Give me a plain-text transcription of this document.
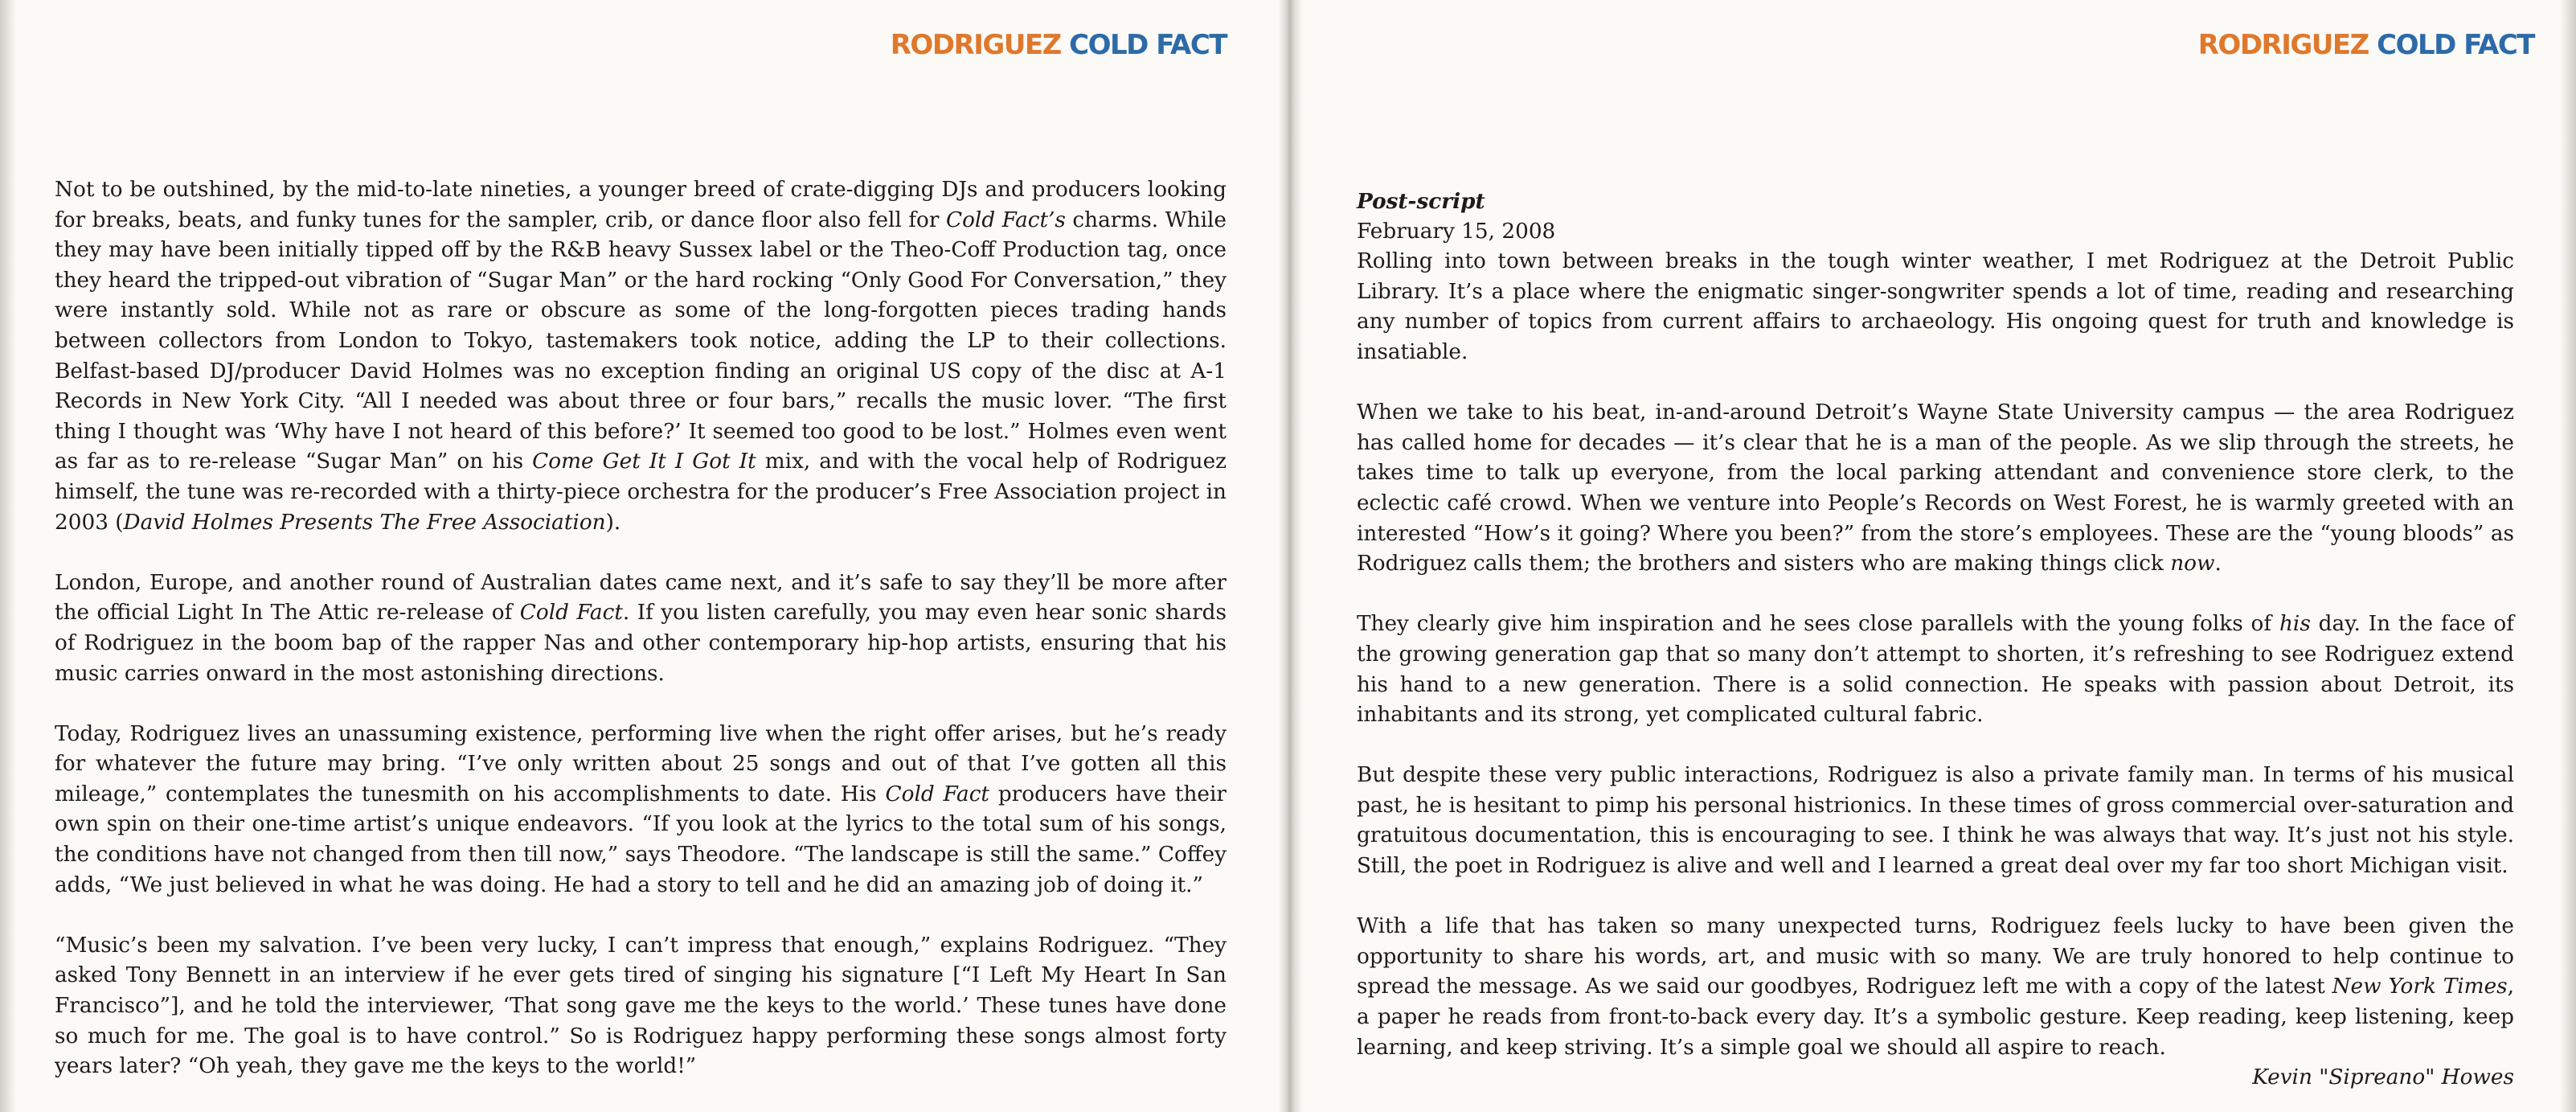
RODRIGUEZ COLD FACT

Not to be outshined, by the mid-to-late nineties, a younger breed of crate-digging DJs and producers looking for breaks, beats, and funky tunes for the sampler, crib, or dance floor also fell for Cold Fact’s charms. While they may have been initially tipped off by the R&B heavy Sussex label or the Theo-Coff Production tag, once they heard the tripped-out vibration of “Sugar Man” or the hard rocking “Only Good For Conversation,” they were instantly sold. While not as rare or obscure as some of the long-forgotten pieces trading hands between collectors from London to Tokyo, tastemakers took notice, adding the LP to their collections. Belfast-based DJ/producer David Holmes was no exception finding an original US copy of the disc at A-1 Records in New York City. “All I needed was about three or four bars,” recalls the music lover. “The first thing I thought was ‘Why have I not heard of this before?’ It seemed too good to be lost.” Holmes even went as far as to re-release “Sugar Man” on his Come Get It I Got It mix, and with the vocal help of Rodriguez himself, the tune was re-recorded with a thirty-piece orchestra for the producer’s Free Association project in 2003 (David Holmes Presents The Free Association).

London, Europe, and another round of Australian dates came next, and it’s safe to say they’ll be more after the official Light In The Attic re-release of Cold Fact. If you listen carefully, you may even hear sonic shards of Rodriguez in the boom bap of the rapper Nas and other contemporary hip-hop artists, ensuring that his music carries onward in the most astonishing directions.

Today, Rodriguez lives an unassuming existence, performing live when the right offer arises, but he’s ready for whatever the future may bring. “I’ve only written about 25 songs and out of that I’ve gotten all this mileage,” contemplates the tunesmith on his accomplishments to date. His Cold Fact producers have their own spin on their one-time artist’s unique endeavors. “If you look at the lyrics to the total sum of his songs, the conditions have not changed from then till now,” says Theodore. “The landscape is still the same.” Coffey adds, “We just believed in what he was doing. He had a story to tell and he did an amazing job of doing it.”

“Music’s been my salvation. I’ve been very lucky, I can’t impress that enough,” explains Rodriguez. “They asked Tony Bennett in an interview if he ever gets tired of singing his signature [“I Left My Heart In San Francisco”], and he told the interviewer, ‘That song gave me the keys to the world.’ These tunes have done so much for me. The goal is to have control.” So is Rodriguez happy performing these songs almost forty years later? “Oh yeah, they gave me the keys to the world!”

RODRIGUEZ COLD FACT

Post-script

February 15, 2008

Rolling into town between breaks in the tough winter weather, I met Rodriguez at the Detroit Public Library. It’s a place where the enigmatic singer-songwriter spends a lot of time, reading and researching any number of topics from current affairs to archaeology. His ongoing quest for truth and knowledge is insatiable.

When we take to his beat, in-and-around Detroit’s Wayne State University campus — the area Rodriguez has called home for decades — it’s clear that he is a man of the people. As we slip through the streets, he takes time to talk up everyone, from the local parking attendant and convenience store clerk, to the eclectic café crowd. When we venture into People’s Records on West Forest, he is warmly greeted with an interested “How’s it going? Where you been?” from the store’s employees. These are the “young bloods” as Rodriguez calls them; the brothers and sisters who are making things click now.

They clearly give him inspiration and he sees close parallels with the young folks of his day. In the face of the growing generation gap that so many don’t attempt to shorten, it’s refreshing to see Rodriguez extend his hand to a new generation. There is a solid connection. He speaks with passion about Detroit, its inhabitants and its strong, yet complicated cultural fabric.

But despite these very public interactions, Rodriguez is also a private family man. In terms of his musical past, he is hesitant to pimp his personal histrionics. In these times of gross commercial over-saturation and gratuitous documentation, this is encouraging to see. I think he was always that way. It’s just not his style. Still, the poet in Rodriguez is alive and well and I learned a great deal over my far too short Michigan visit.

With a life that has taken so many unexpected turns, Rodriguez feels lucky to have been given the opportunity to share his words, art, and music with so many. We are truly honored to help continue to spread the message. As we said our goodbyes, Rodriguez left me with a copy of the latest New York Times, a paper he reads from front-to-back every day. It’s a symbolic gesture. Keep reading, keep listening, keep learning, and keep striving. It’s a simple goal we should all aspire to reach.

Kevin "Sipreano" Howes
